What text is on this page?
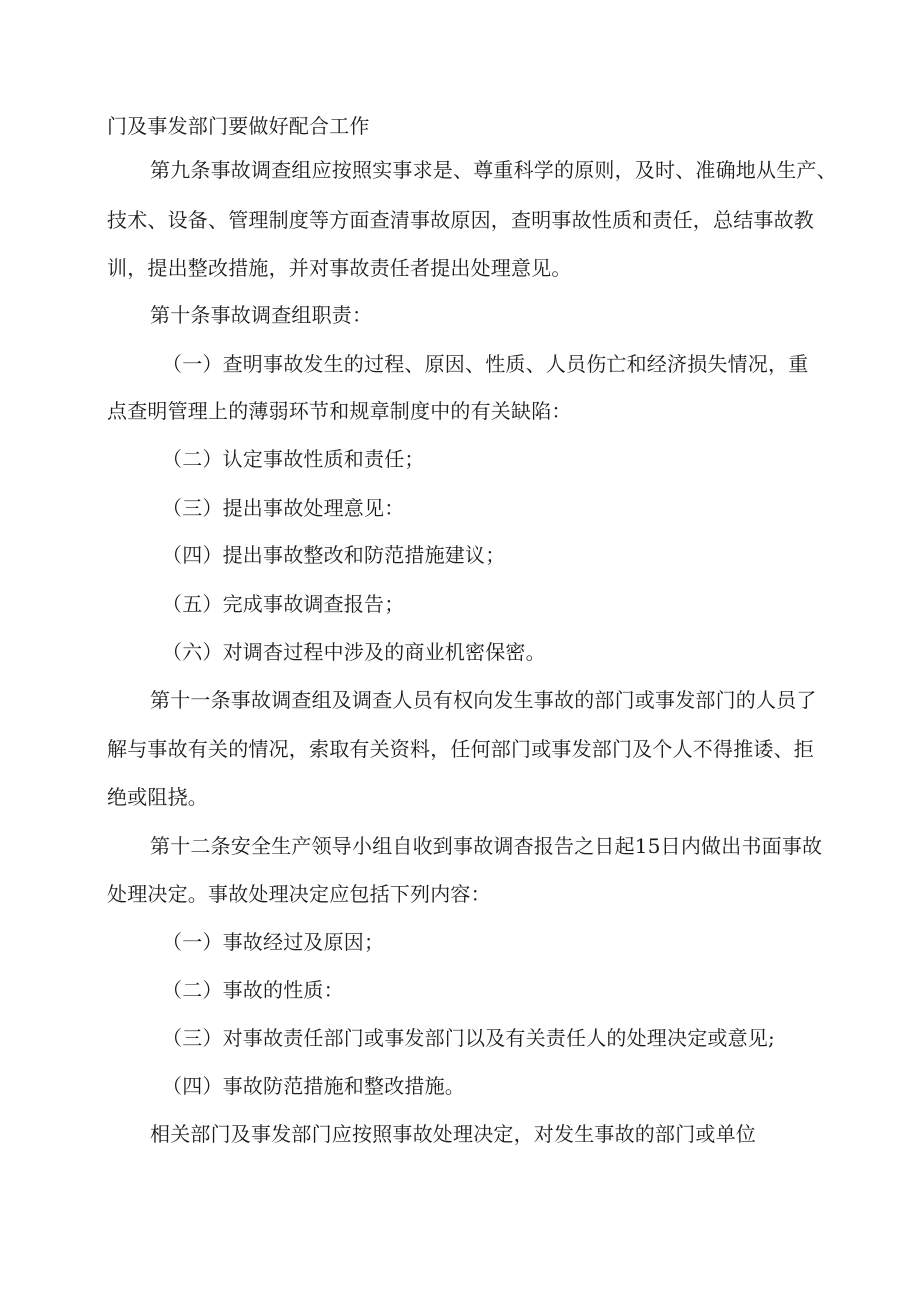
门及事发部门要做好配合工作
第九条事故调查组应按照实事求是、尊重科学的原则，及时、准确地从生产、
技术、设备、管理制度等方面查清事故原因，查明事故性质和责任，总结事故教
训，提出整改措施，并对事故责任者提出处理意见。
第十条事故调查组职责：
（一）查明事故发生的过程、原因、性质、人员伤亡和经济损失情况，重
点查明管理上的薄弱环节和规章制度中的有关缺陷：
（二）认定事故性质和责任；
（三）提出事故处理意见：
（四）提出事故整改和防范措施建议；
（五）完成事故调查报告；
（六）对调杳过程中涉及的商业机密保密。
第十一条事故调查组及调查人员有权向发生事故的部门或事发部门的人员了
解与事故有关的情况，索取有关资料，任何部门或事发部门及个人不得推诿、拒
绝或阻挠。
第十二条安全生产领导小组自收到事故调杳报告之日起15日内做出书面事故
处理决定。事故处理决定应包括下列内容：
（一）事故经过及原因；
（二）事故的性质：
（三）对事故责任部门或事发部门以及有关责任人的处理决定或意见;
（四）事故防范措施和整改措施。
相关部门及事发部门应按照事故处理决定，对发生事故的部门或单位
